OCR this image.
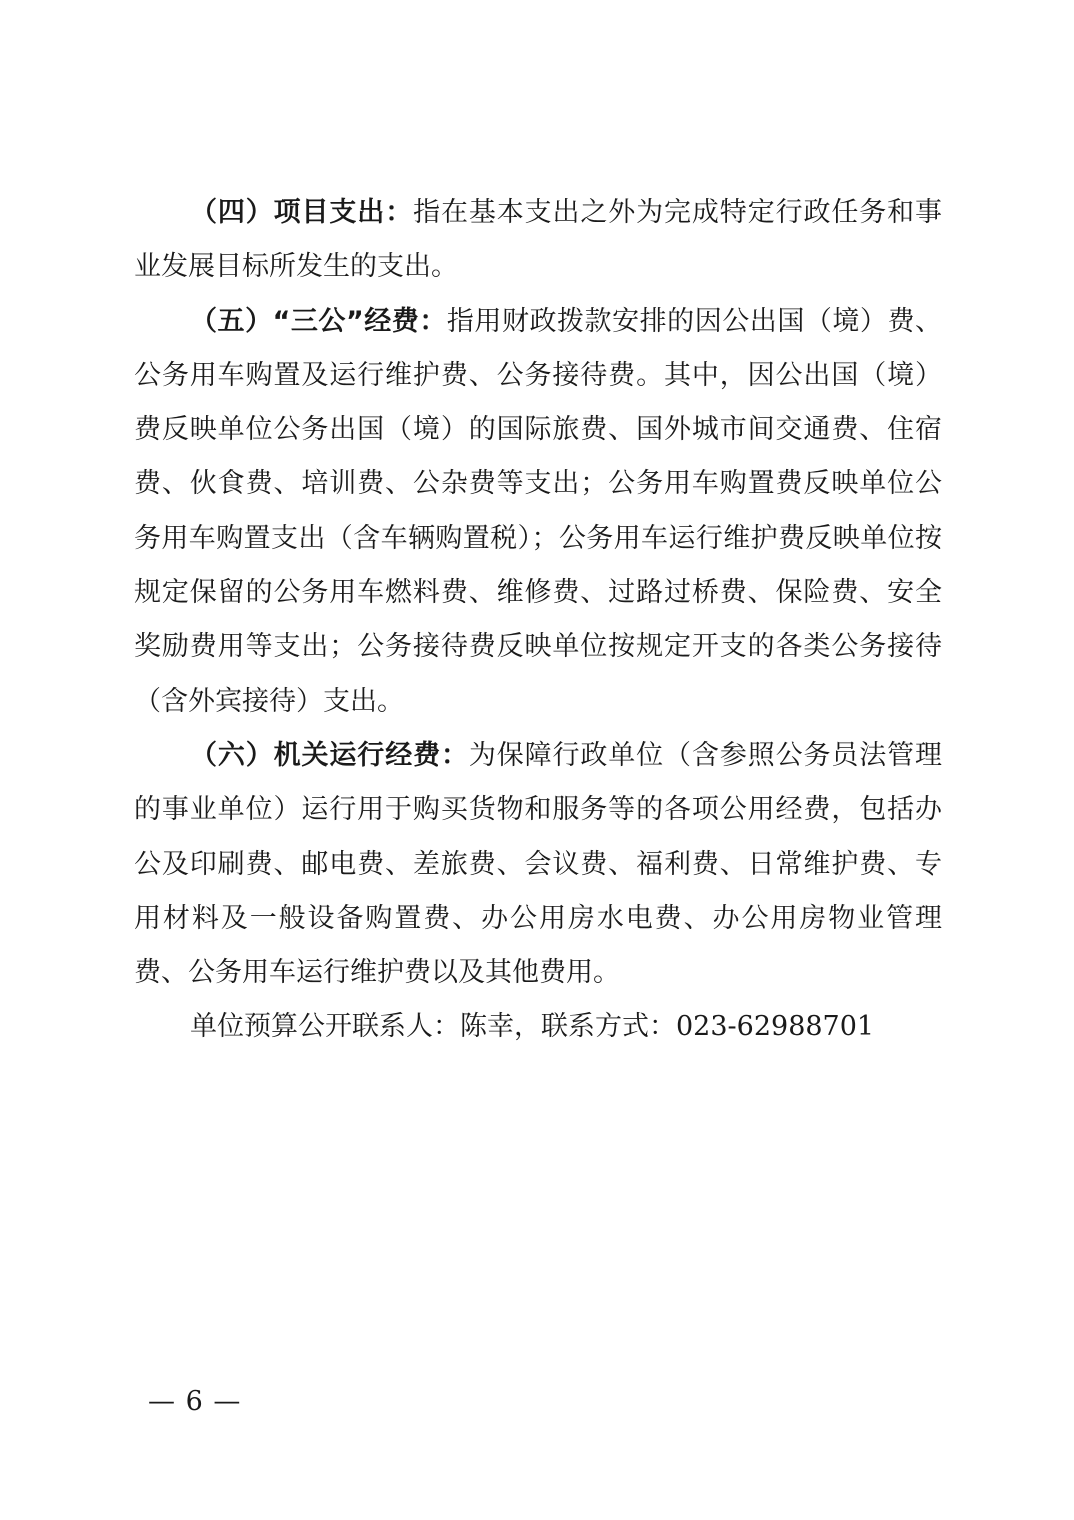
（四）项目支出：指在基本支出之外为完成特定行政任务和事业发展目标所发生的支出。

（五）“三公”经费：指用财政拨款安排的因公出国（境）费、公务用车购置及运行维护费、公务接待费。其中，因公出国（境）费反映单位公务出国（境）的国际旅费、国外城市间交通费、住宿费、伙食费、培训费、公杂费等支出；公务用车购置费反映单位公务用车购置支出（含车辆购置税）；公务用车运行维护费反映单位按规定保留的公务用车燃料费、维修费、过路过桥费、保险费、安全奖励费用等支出；公务接待费反映单位按规定开支的各类公务接待（含外宾接待）支出。

（六）机关运行经费：为保障行政单位（含参照公务员法管理的事业单位）运行用于购买货物和服务等的各项公用经费，包括办公及印刷费、邮电费、差旅费、会议费、福利费、日常维护费、专用材料及一般设备购置费、办公用房水电费、办公用房物业管理费、公务用车运行维护费以及其他费用。

单位预算公开联系人：陈幸，联系方式：023-62988701

— 6 —
